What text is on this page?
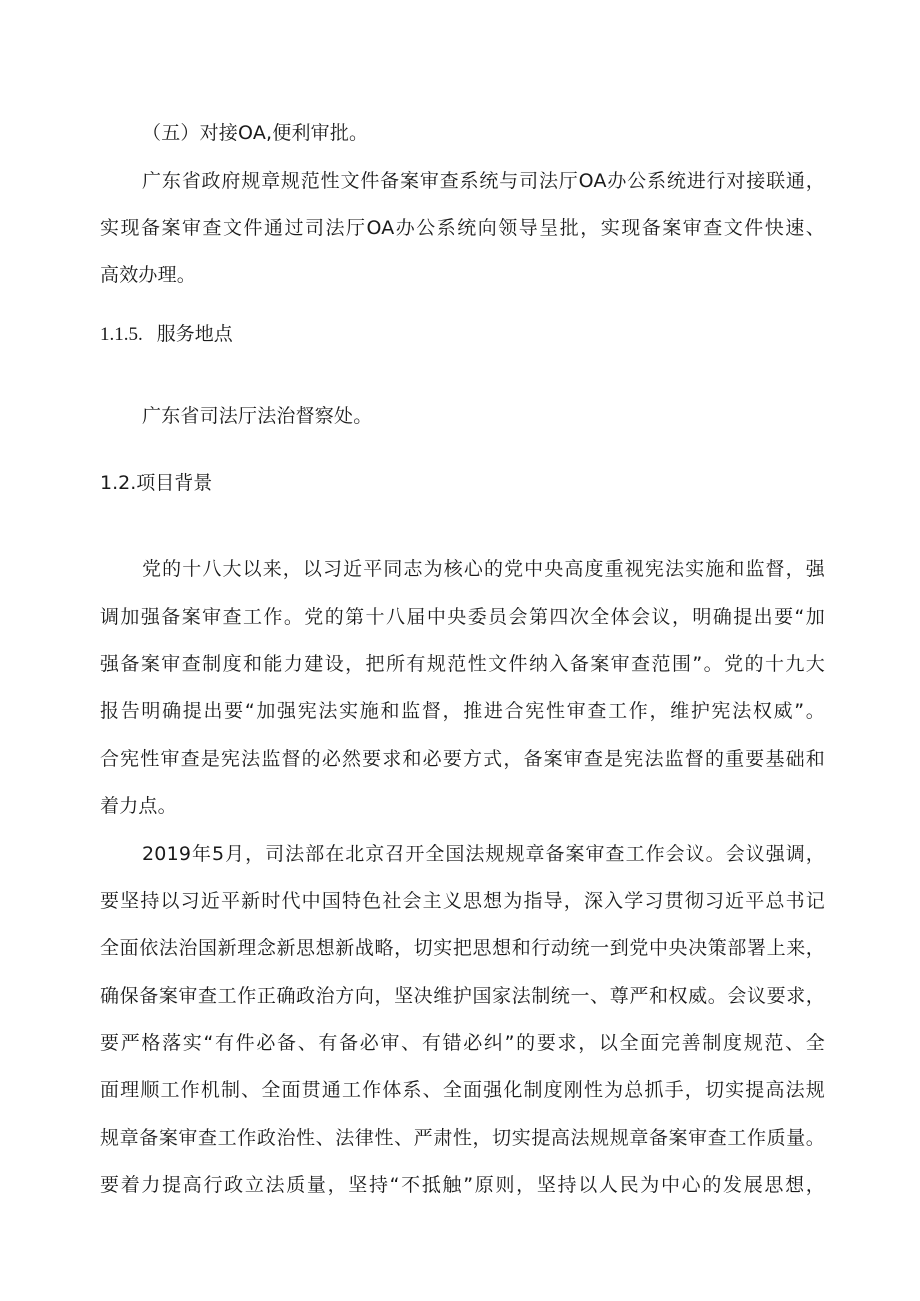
（五）对接OA,便利审批。
广东省政府规章规范性文件备案审查系统与司法厅OA办公系统进行对接联通，
实现备案审查文件通过司法厅OA办公系统向领导呈批，实现备案审查文件快速、
高效办理。
1.1.5. 服务地点
广东省司法厅法治督察处。
1.2.项目背景
党的十八大以来，以习近平同志为核心的党中央高度重视宪法实施和监督，强
调加强备案审查工作。党的第十八届中央委员会第四次全体会议，明确提出要“加
强备案审查制度和能力建设，把所有规范性文件纳入备案审查范围”。党的十九大
报告明确提出要“加强宪法实施和监督，推进合宪性审查工作，维护宪法权威”。
合宪性审查是宪法监督的必然要求和必要方式，备案审查是宪法监督的重要基础和
着力点。
2019年5月，司法部在北京召开全国法规规章备案审查工作会议。会议强调，
要坚持以习近平新时代中国特色社会主义思想为指导，深入学习贯彻习近平总书记
全面依法治国新理念新思想新战略，切实把思想和行动统一到党中央决策部署上来，
确保备案审查工作正确政治方向，坚决维护国家法制统一、尊严和权威。会议要求，
要严格落实“有件必备、有备必审、有错必纠”的要求，以全面完善制度规范、全
面理顺工作机制、全面贯通工作体系、全面强化制度刚性为总抓手，切实提高法规
规章备案审查工作政治性、法律性、严肃性，切实提高法规规章备案审查工作质量。
要着力提高行政立法质量，坚持“不抵触”原则，坚持以人民为中心的发展思想，
